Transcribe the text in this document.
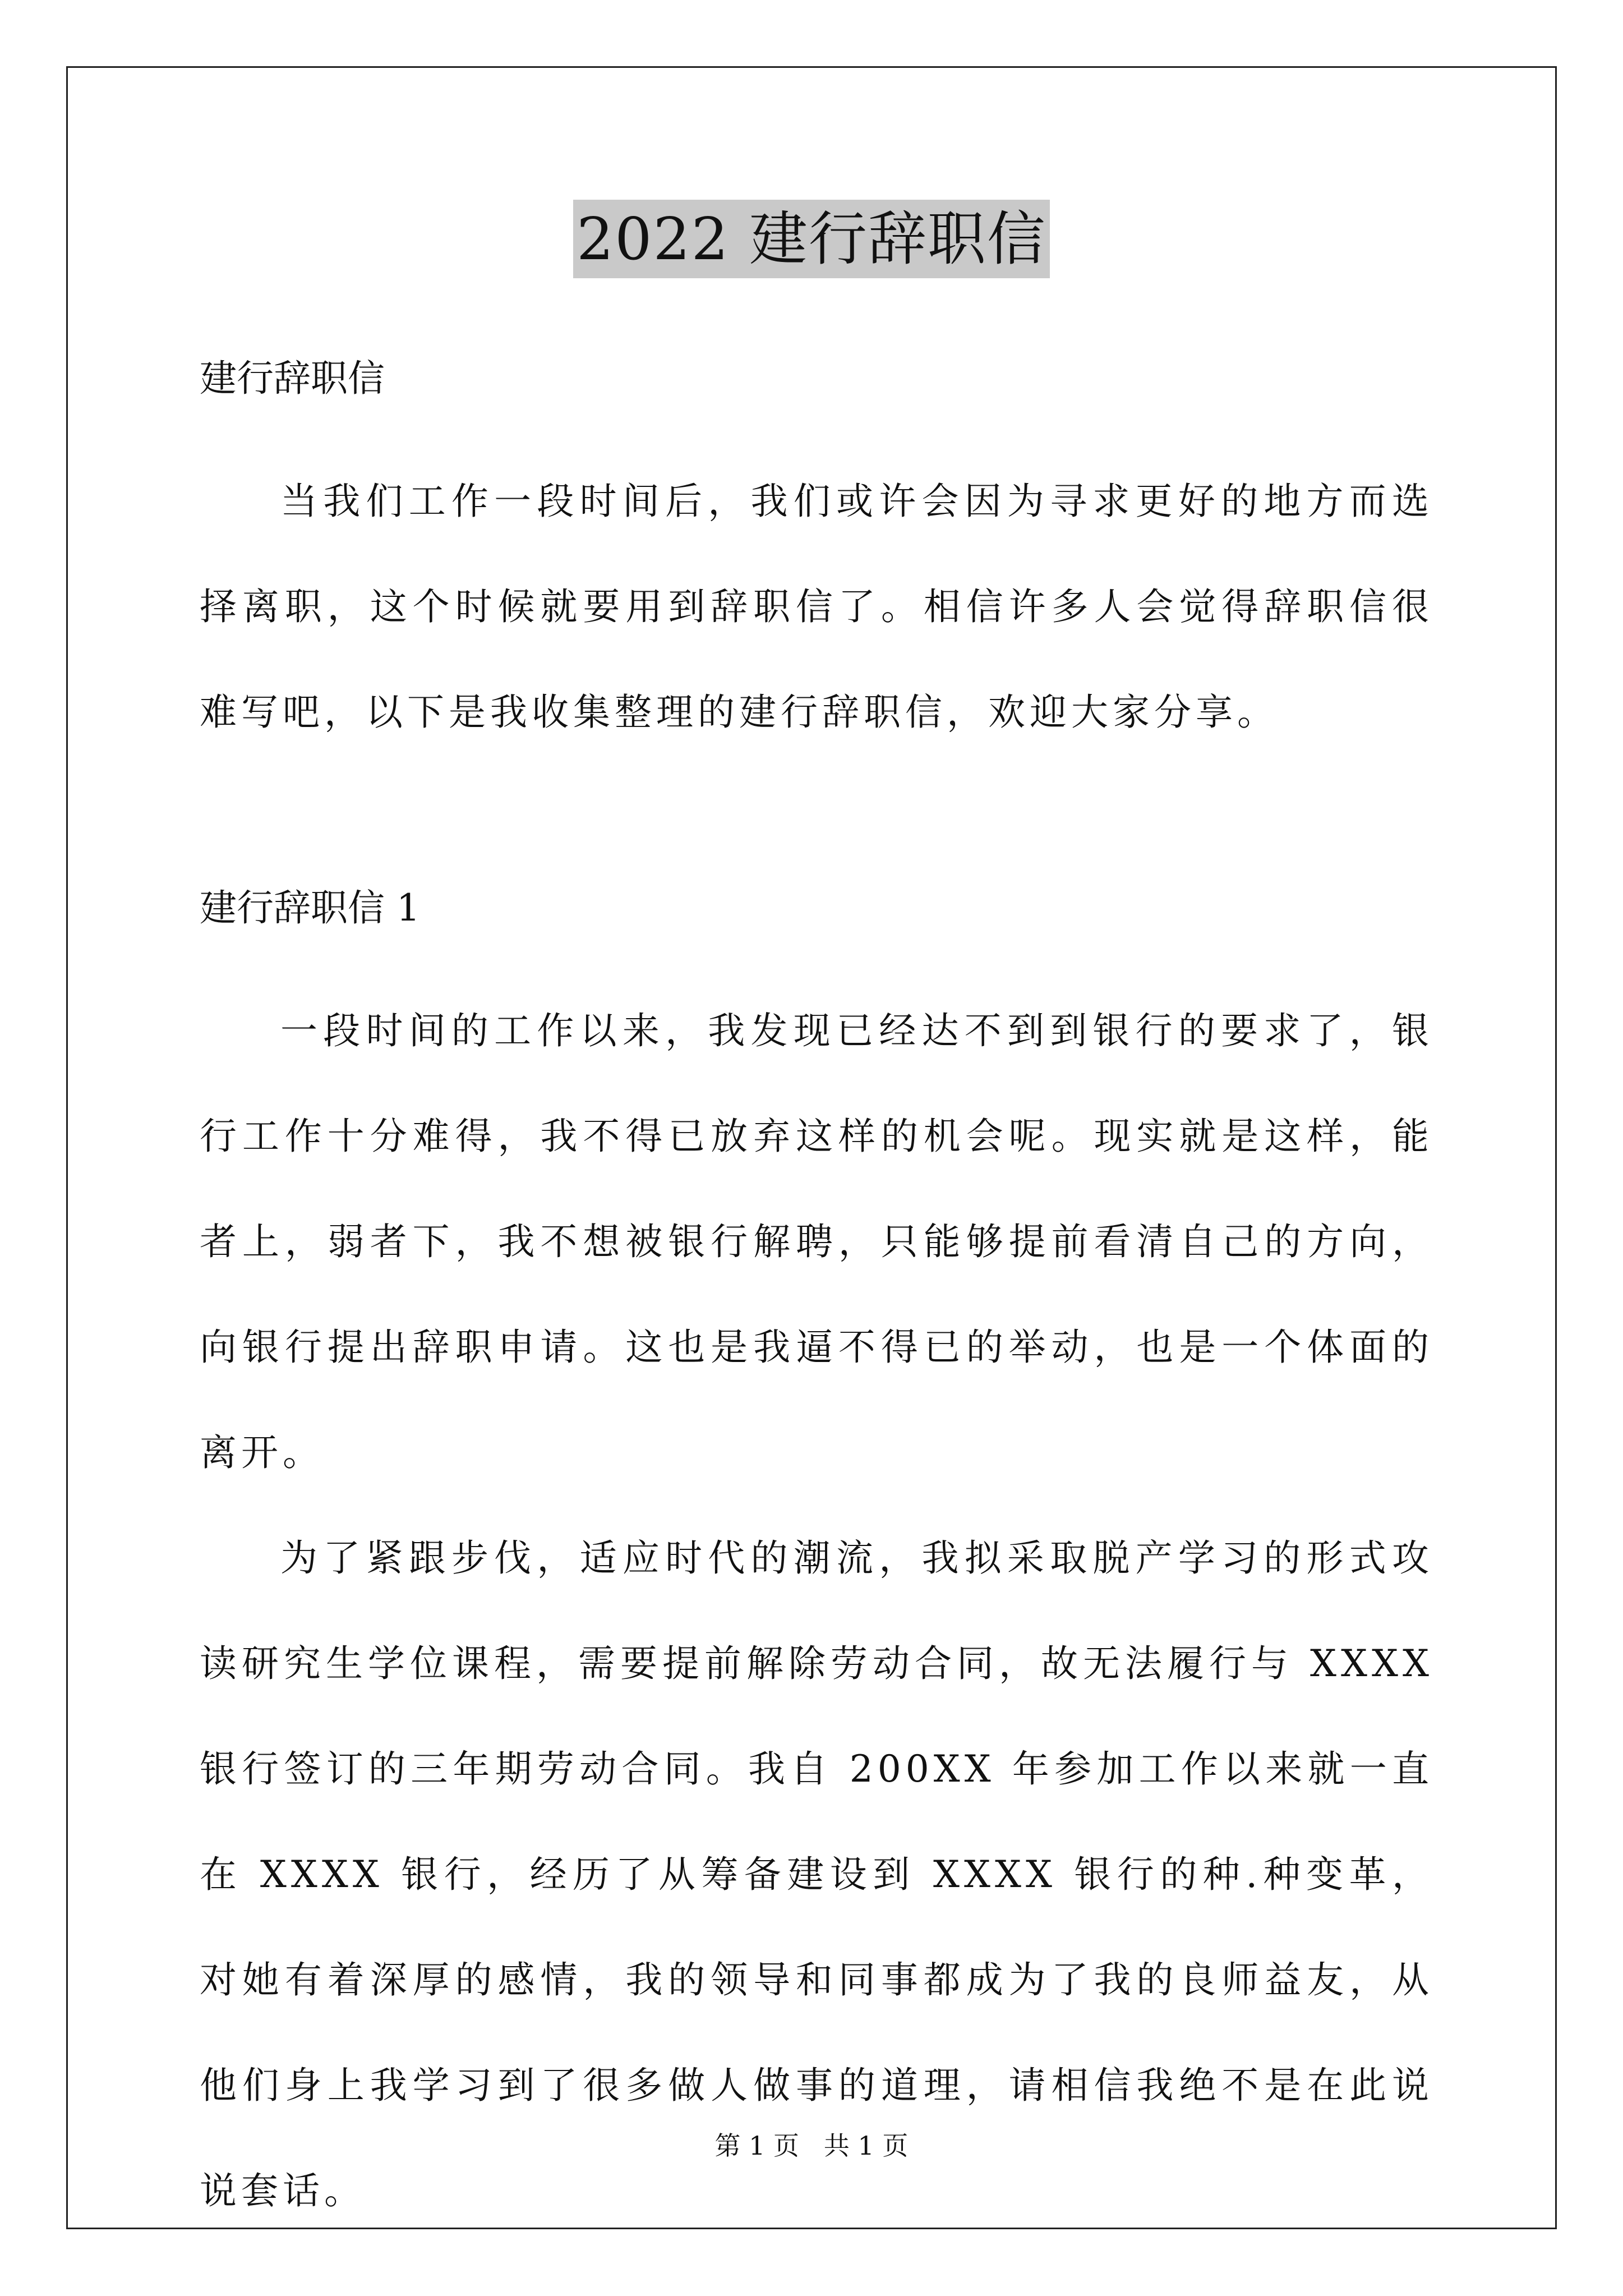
2022 建行辞职信

建行辞职信

当我们工作一段时间后，我们或许会因为寻求更好的地方而选择离职，这个时候就要用到辞职信了。相信许多人会觉得辞职信很难写吧，以下是我收集整理的建行辞职信，欢迎大家分享。

建行辞职信 1

一段时间的工作以来，我发现已经达不到到银行的要求了，银行工作十分难得，我不得已放弃这样的机会呢。现实就是这样，能者上，弱者下，我不想被银行解聘，只能够提前看清自己的方向，向银行提出辞职申请。这也是我逼不得已的举动，也是一个体面的离开。

为了紧跟步伐，适应时代的潮流，我拟采取脱产学习的形式攻读研究生学位课程，需要提前解除劳动合同，故无法履行与 XXXX 银行签订的三年期劳动合同。我自 200XX 年参加工作以来就一直在 XXXX 银行，经历了从筹备建设到 XXXX 银行的种.种变革，对她有着深厚的感情，我的领导和同事都成为了我的良师益友，从他们身上我学习到了很多做人做事的道理，请相信我绝不是在此说说套话。

第 1 页   共 1 页
